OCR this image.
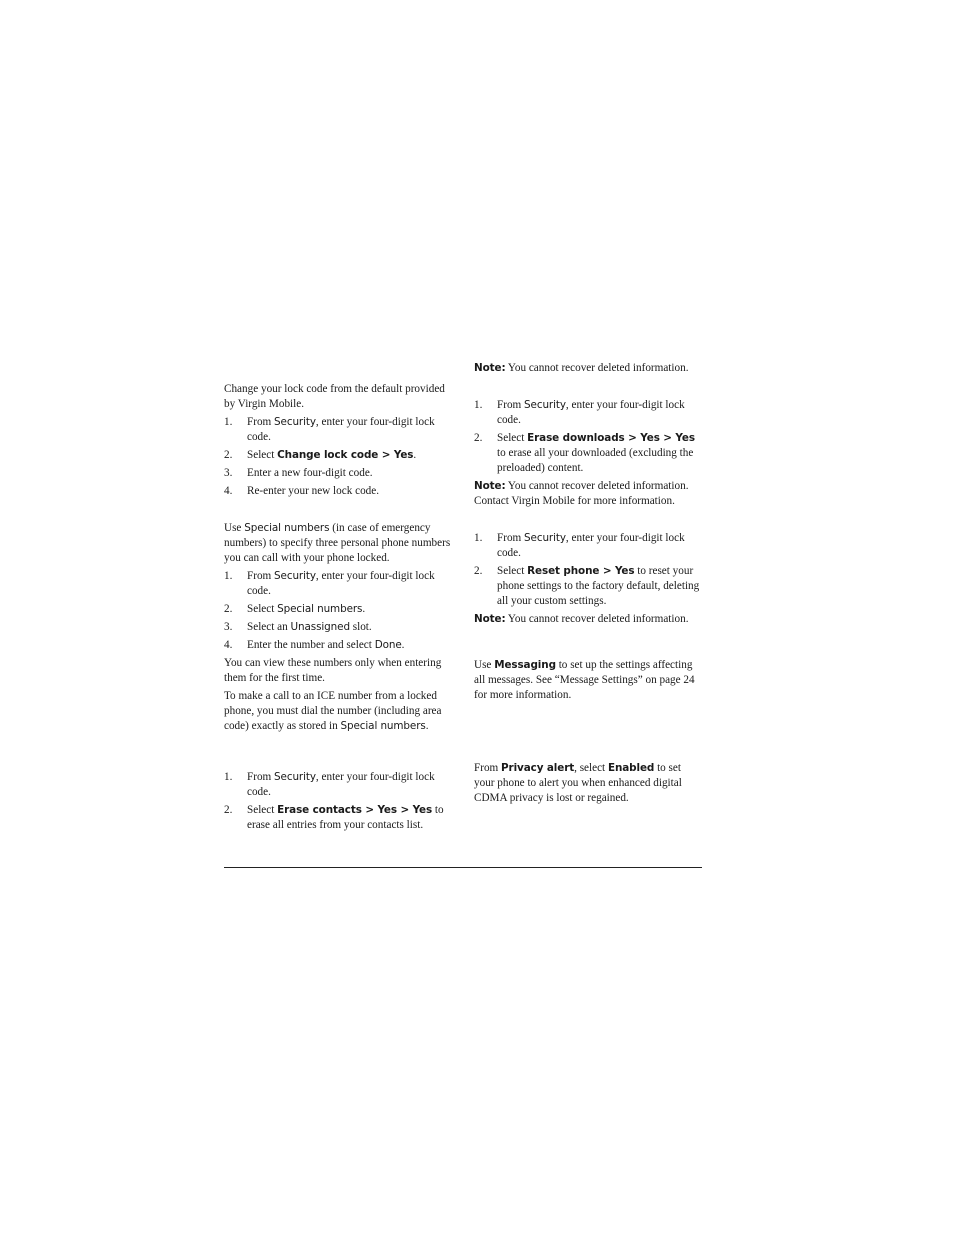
Change your lock code from the default provided by Virgin Mobile.

1. From Security, enter your four-digit lock code.
2. Select Change lock code > Yes.
3. Enter a new four-digit code.
4. Re-enter your new lock code.

Use Special numbers (in case of emergency numbers) to specify three personal phone numbers you can call with your phone locked.

1. From Security, enter your four-digit lock code.
2. Select Special numbers.
3. Select an Unassigned slot.
4. Enter the number and select Done.

You can view these numbers only when entering them for the first time.

To make a call to an ICE number from a locked phone, you must dial the number (including area code) exactly as stored in Special numbers.

1. From Security, enter your four-digit lock code.
2. Select Erase contacts > Yes > Yes to erase all entries from your contacts list.

Note: You cannot recover deleted information.

1. From Security, enter your four-digit lock code.
2. Select Erase downloads > Yes > Yes to erase all your downloaded (excluding the preloaded) content.

Note: You cannot recover deleted information. Contact Virgin Mobile for more information.

1. From Security, enter your four-digit lock code.
2. Select Reset phone > Yes to reset your phone settings to the factory default, deleting all your custom settings.

Note: You cannot recover deleted information.

Use Messaging to set up the settings affecting all messages. See “Message Settings” on page 24 for more information.

From Privacy alert, select Enabled to set your phone to alert you when enhanced digital CDMA privacy is lost or regained.
